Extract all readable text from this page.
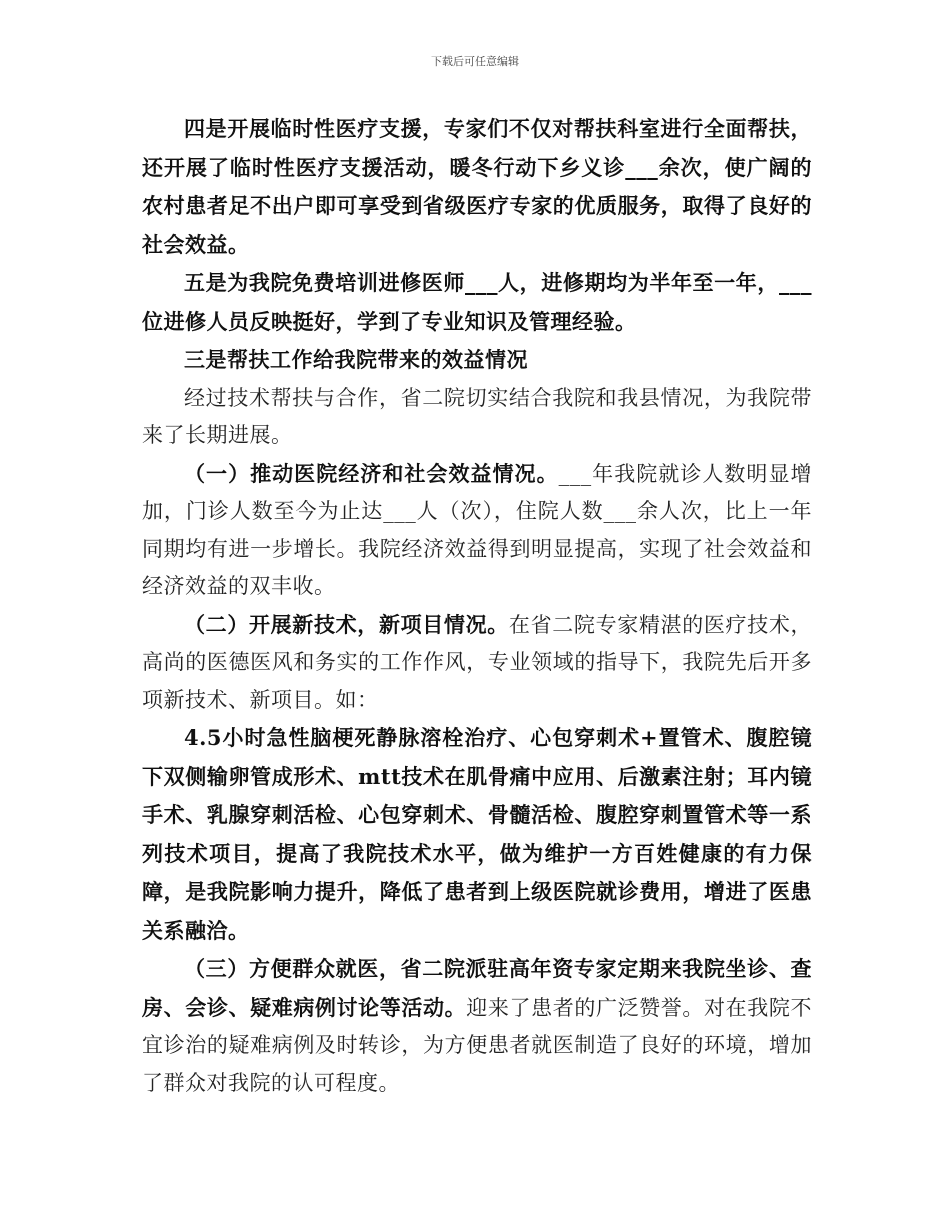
下载后可任意编辑

四是开展临时性医疗支援，专家们不仅对帮扶科室进行全面帮扶，还开展了临时性医疗支援活动，暖冬行动下乡义诊___余次，使广阔的农村患者足不出户即可享受到省级医疗专家的优质服务，取得了良好的社会效益。

五是为我院免费培训进修医师___人，进修期均为半年至一年，___位进修人员反映挺好，学到了专业知识及管理经验。

三是帮扶工作给我院带来的效益情况

经过技术帮扶与合作，省二院切实结合我院和我县情况，为我院带来了长期进展。

（一）推动医院经济和社会效益情况。___年我院就诊人数明显增加，门诊人数至今为止达___人（次），住院人数___余人次，比上一年同期均有进一步增长。我院经济效益得到明显提高，实现了社会效益和经济效益的双丰收。

（二）开展新技术，新项目情况。在省二院专家精湛的医疗技术，高尚的医德医风和务实的工作作风，专业领域的指导下，我院先后开多项新技术、新项目。如：

4.5小时急性脑梗死静脉溶栓治疗、心包穿刺术+置管术、腹腔镜下双侧输卵管成形术、mtt技术在肌骨痛中应用、后激素注射；耳内镜手术、乳腺穿刺活检、心包穿刺术、骨髓活检、腹腔穿刺置管术等一系列技术项目，提高了我院技术水平，做为维护一方百姓健康的有力保障，是我院影响力提升，降低了患者到上级医院就诊费用，增进了医患关系融洽。

（三）方便群众就医，省二院派驻高年资专家定期来我院坐诊、查房、会诊、疑难病例讨论等活动。迎来了患者的广泛赞誉。对在我院不宜诊治的疑难病例及时转诊，为方便患者就医制造了良好的环境，增加了群众对我院的认可程度。
